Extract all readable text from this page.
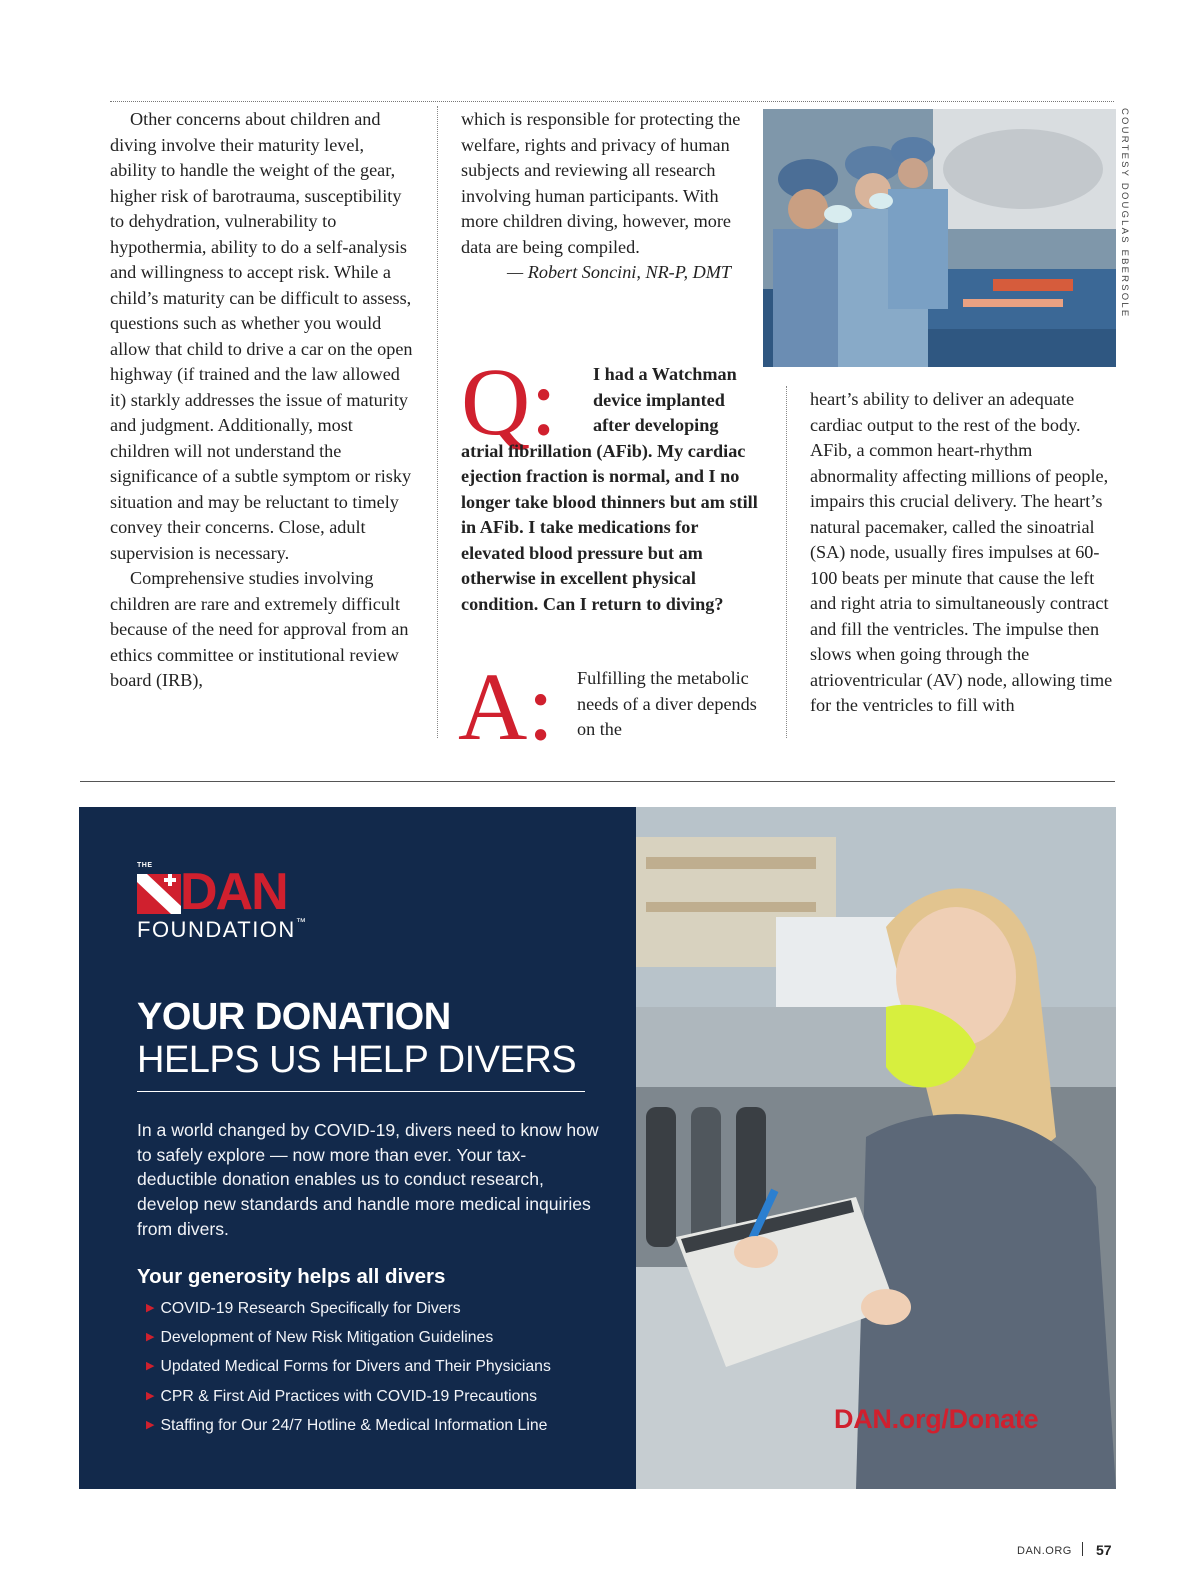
Other concerns about children and diving involve their maturity level, ability to handle the weight of the gear, higher risk of barotrauma, susceptibility to dehydration, vulnerability to hypothermia, ability to do a self-analysis and willingness to accept risk. While a child’s maturity can be difficult to assess, questions such as whether you would allow that child to drive a car on the open highway (if trained and the law allowed it) starkly addresses the issue of maturity and judgment. Additionally, most children will not understand the significance of a subtle symptom or risky situation and may be reluctant to timely convey their concerns. Close, adult supervision is necessary.

Comprehensive studies involving children are rare and extremely difficult because of the need for approval from an ethics committee or institutional review board (IRB),

which is responsible for protecting the welfare, rights and privacy of human subjects and reviewing all research involving human participants. With more children diving, however, more data are being compiled.

— Robert Soncini, NR-P, DMT	COURTESY DOUGLAS EBERSOLE
Q:	I had a Watchman device implanted after developing atrial fibrillation (AFib). My cardiac ejection fraction is normal, and I no longer take blood thinners but am still in AFib. I take medications for elevated blood pressure but am otherwise in excellent physical condition. Can I return to diving?
A: Fulfilling the metabolic needs of a diver depends on the
heart’s ability to deliver an adequate cardiac output to the rest of the body. AFib, a common heart-rhythm abnormality affecting millions of people, impairs this crucial delivery. The heart’s natural pacemaker, called the sinoatrial (SA) node, usually fires impulses at 60-100 beats per minute that cause the left and right atria to simultaneously contract and fill the ventricles. The impulse then slows when going through the atrioventricular (AV) node, allowing time for the ventricles to fill with
THE DAN
FOUNDATION™
YOUR DONATION
HELPS US HELP DIVERS
In a world changed by COVID-19, divers need to know how to safely explore — now more than ever. Your tax-deductible donation enables us to conduct research, develop new standards and handle more medical inquiries from divers.
Your generosity helps all divers
▶ COVID-19 Research Specifically for Divers
▶ Development of New Risk Mitigation Guidelines
▶ Updated Medical Forms for Divers and Their Physicians
▶ CPR & First Aid Practices with COVID-19 Precautions
▶ Staffing for Our 24/7 Hotline & Medical Information Line	DAN.org/Donate
DAN.ORG 57
